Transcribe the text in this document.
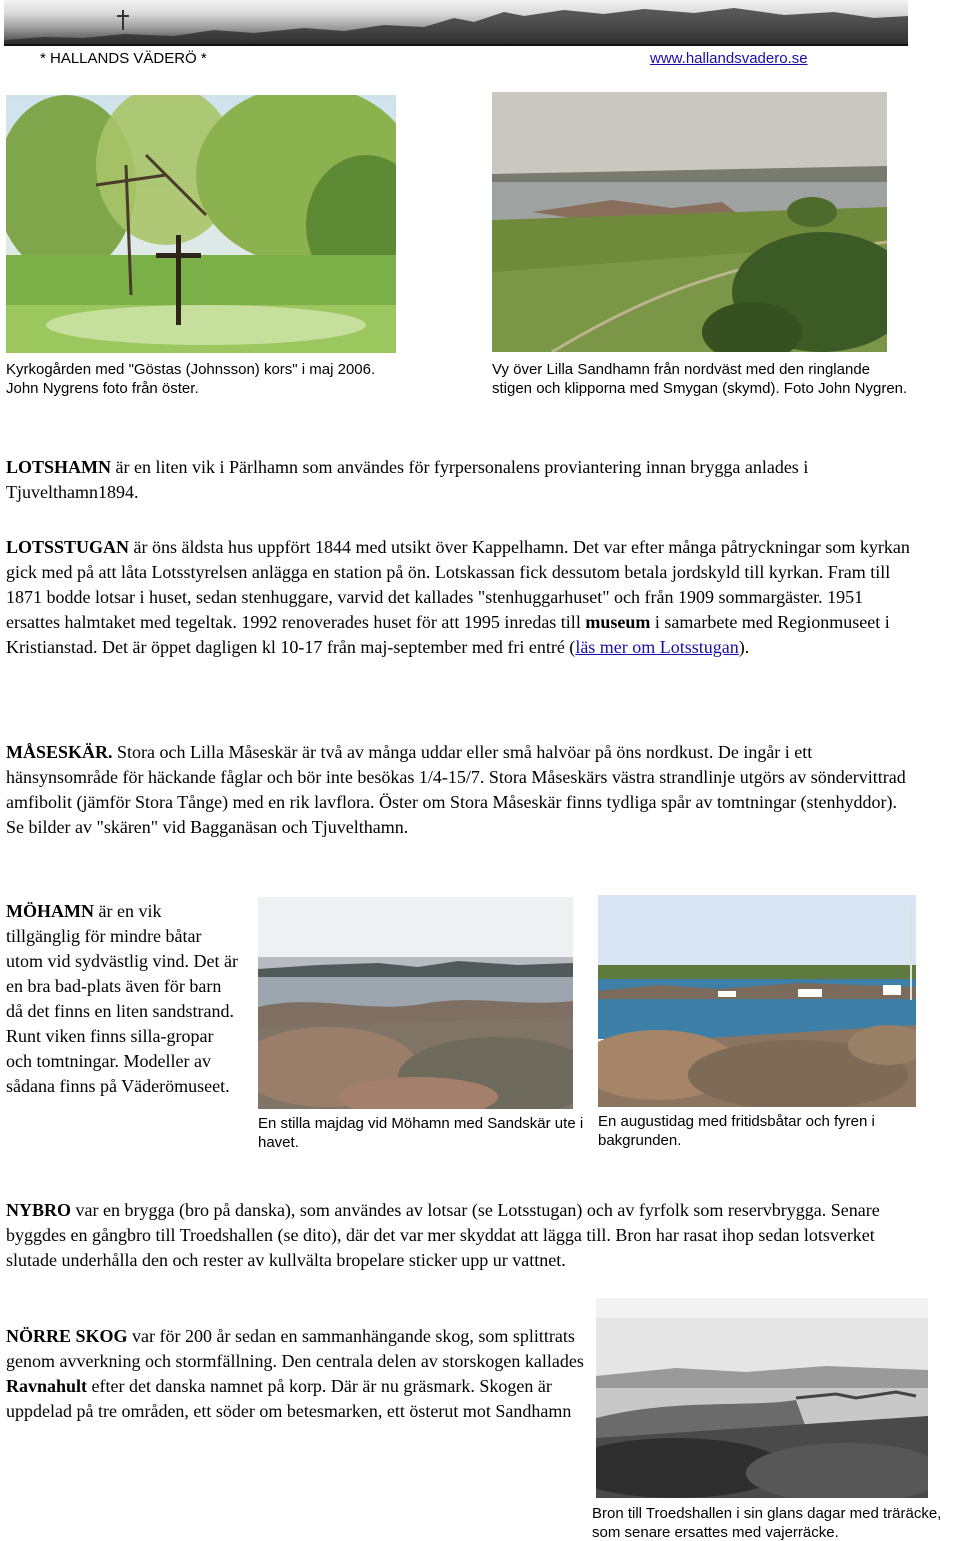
* HALLANDS VÄDERÖ *	www.hallandsvadero.se
Kyrkogården med "Göstas (Johnsson) kors" i maj 2006. John Nygrens foto från öster.
Vy över Lilla Sandhamn från nordväst med den ringlande stigen och klipporna med Smygan (skymd). Foto John Nygren.

LOTSHAMN är en liten vik i Pärlhamn som användes för fyrpersonalens proviantering innan brygga anlades i Tjuvelthamn1894.

LOTSSTUGAN är öns äldsta hus uppfört 1844 med utsikt över Kappelhamn. Det var efter många påtryckningar som kyrkan gick med på att låta Lotsstyrelsen anlägga en station på ön. Lotskassan fick dessutom betala jordskyld till kyrkan. Fram till 1871 bodde lotsar i huset, sedan stenhuggare, varvid det kallades "stenhuggarhuset" och från 1909 sommargäster. 1951 ersattes halmtaket med tegeltak. 1992 renoverades huset för att 1995 inredas till museum i samarbete med Regionmuseet i Kristianstad. Det är öppet dagligen kl 10-17 från maj-september med fri entré (läs mer om Lotsstugan).

MÅSESKÄR. Stora och Lilla Måseskär är två av många uddar eller små halvöar på öns nordkust. De ingår i ett hänsynsområde för häckande fåglar och bör inte besökas 1/4-15/7. Stora Måseskärs västra strandlinje utgörs av söndervittrad amfibolit (jämför Stora Tånge) med en rik lavflora. Öster om Stora Måseskär finns tydliga spår av tomtningar (stenhyddor). Se bilder av "skären" vid Bagganäsan och Tjuvelthamn.

MÖHAMN är en vik tillgänglig för mindre båtar utom vid sydvästlig vind. Det är en bra bad-plats även för barn då det finns en liten sandstrand. Runt viken finns silla-gropar och tomtningar. Modeller av sådana finns på Väderömuseet.

En stilla majdag vid Möhamn med Sandskär ute i havet.
En augustidag med fritidsbåtar och fyren i bakgrunden.

NYBRO var en brygga (bro på danska), som användes av lotsar (se Lotsstugan) och av fyrfolk som reservbrygga. Senare byggdes en gångbro till Troedshallen (se dito), där det var mer skyddat att lägga till. Bron har rasat ihop sedan lotsverket slutade underhålla den och rester av kullvälta bropelare sticker upp ur vattnet.

NÖRRE SKOG var för 200 år sedan en sammanhängande skog, som splittrats genom avverkning och stormfällning. Den centrala delen av storskogen kallades Ravnahult efter det danska namnet på korp. Där är nu gräsmark. Skogen är uppdelad på tre områden, ett söder om betesmarken, ett österut mot Sandhamn

Bron till Troedshallen i sin glans dagar med träräcke, som senare ersattes med vajerräcke.
